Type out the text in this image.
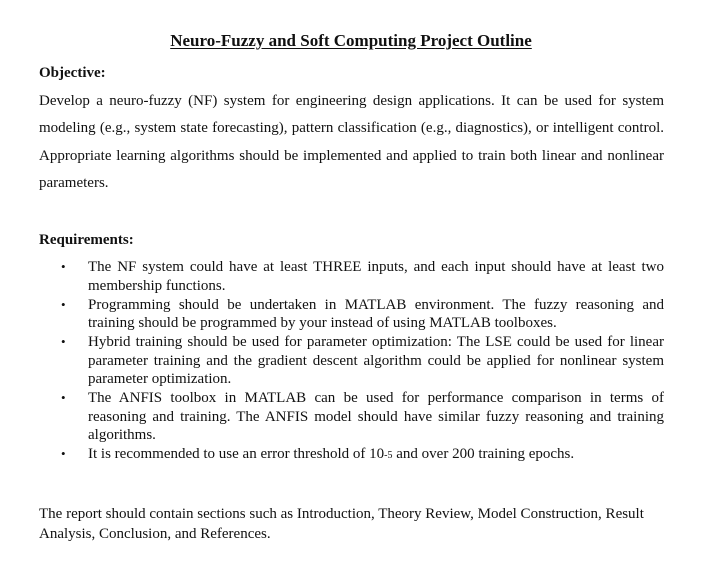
Neuro-Fuzzy and Soft Computing Project Outline
Objective:
Develop a neuro-fuzzy (NF) system for engineering design applications. It can be used for system modeling (e.g., system state forecasting), pattern classification (e.g., diagnostics), or intelligent control. Appropriate learning algorithms should be implemented and applied to train both linear and nonlinear parameters.
Requirements:
• The NF system could have at least THREE inputs, and each input should have at least two membership functions.
• Programming should be undertaken in MATLAB environment. The fuzzy reasoning and training should be programmed by your instead of using MATLAB toolboxes.
• Hybrid training should be used for parameter optimization: The LSE could be used for linear parameter training and the gradient descent algorithm could be applied for nonlinear system parameter optimization.
• The ANFIS toolbox in MATLAB can be used for performance comparison in terms of reasoning and training. The ANFIS model should have similar fuzzy reasoning and training algorithms.
• It is recommended to use an error threshold of 10-5 and over 200 training epochs.
The report should contain sections such as Introduction, Theory Review, Model Construction, Result Analysis, Conclusion, and References.
